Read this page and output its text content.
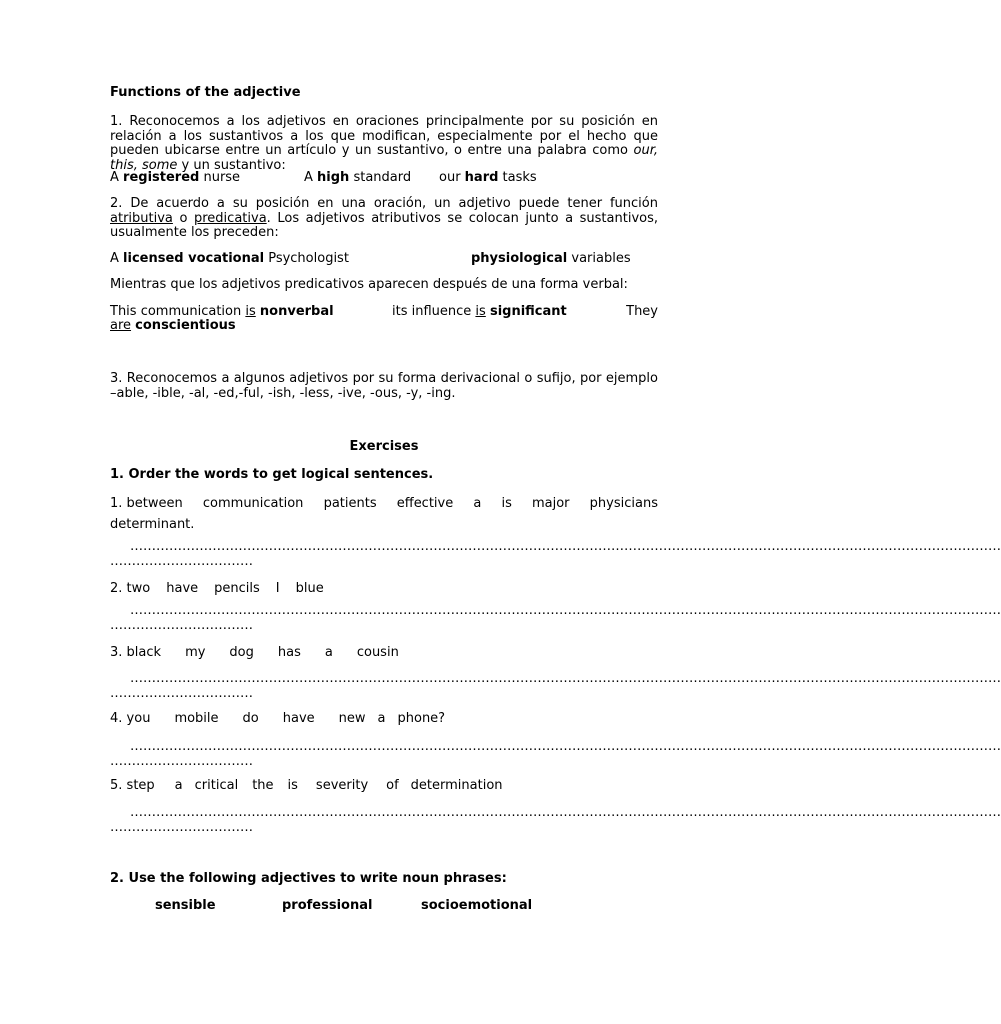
Functions of the adjective
1. Reconocemos a los adjetivos en oraciones principalmente por su posición en relación a los sustantivos a los que modifican, especialmente por el hecho que pueden ubicarse entre un artículo y un sustantivo, o entre una palabra como our, this, some y un sustantivo:
A registered nurse	A high standard our hard tasks
2. De acuerdo a su posición en una oración, un adjetivo puede tener función atributiva o predicativa. Los adjetivos atributivos se colocan junto a sustantivos, usualmente los preceden:
A licensed vocational Psychologist	physiological variables
Mientras que los adjetivos predicativos aparecen después de una forma verbal:
This communication is nonverbal	its influence is significant	They
are conscientious
3. Reconocemos a algunos adjetivos por su forma derivacional o sufijo, por ejemplo –able, -ible, -al, -ed,-ful, -ish, -less, -ive, -ous, -y, -ing.
Exercises
1. Order the words to get logical sentences.
1. between communication patients effective a is major physicians
determinant.
…………………………………………………………………………………………………………………………………………………………………………………
……………………………
2. two have pencils I blue
…………………………………………………………………………………………………………………………………………………………………………………
……………………………
3. black my dog has a cousin
…………………………………………………………………………………………………………………………………………………………………………………
……………………………
4. you mobile do have new a phone?
…………………………………………………………………………………………………………………………………………………………………………………
……………………………
5. step a critical the is severity of determination
…………………………………………………………………………………………………………………………………………………………………………………
……………………………
2. Use the following adjectives to write noun phrases:
sensible	professional	socioemotional
